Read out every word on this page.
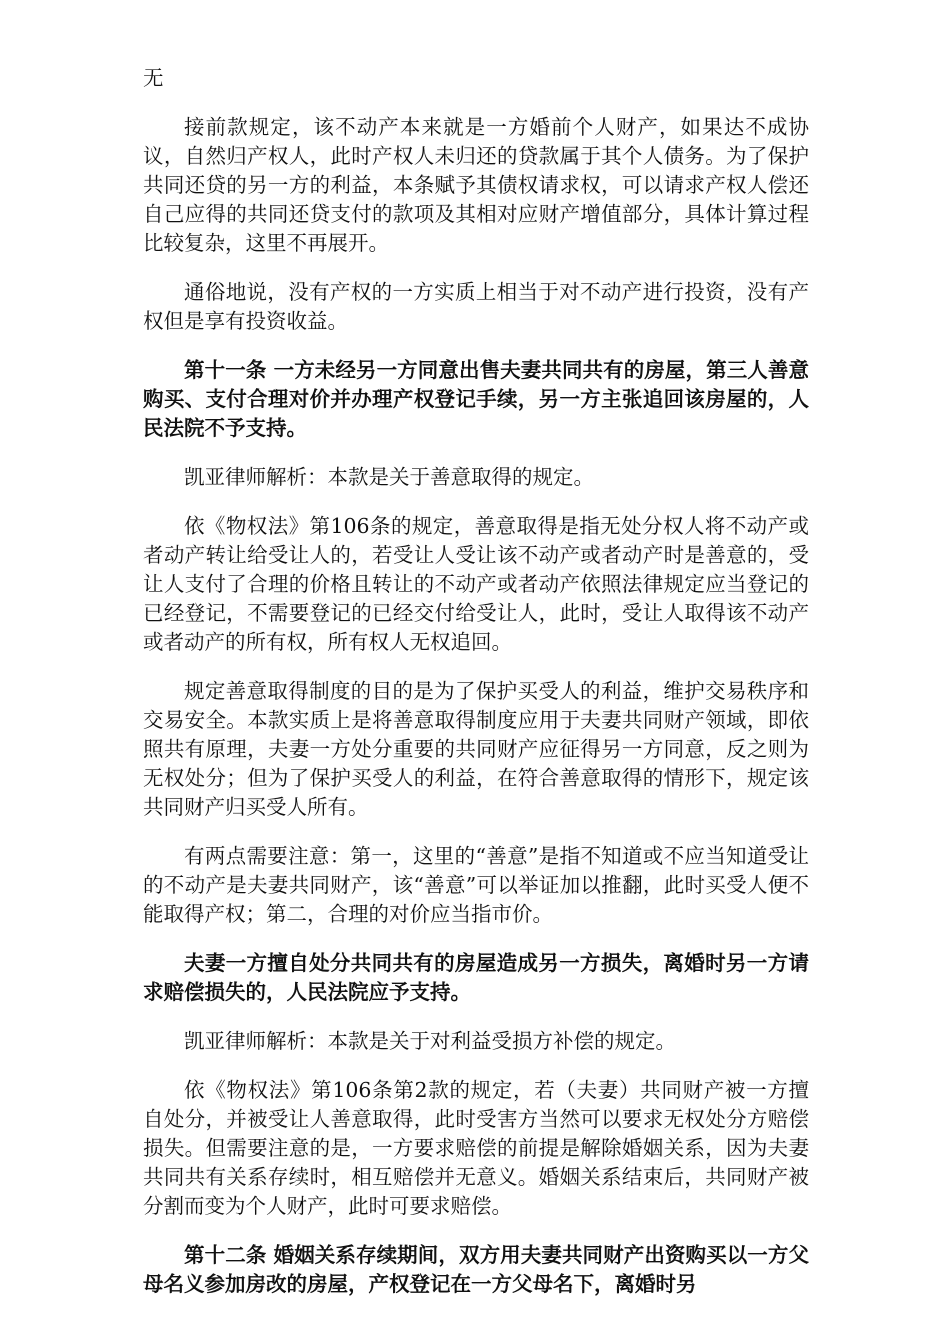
无

接前款规定，该不动产本来就是一方婚前个人财产，如果达不成协议，自然归产权人，此时产权人未归还的贷款属于其个人债务。为了保护共同还贷的另一方的利益，本条赋予其债权请求权，可以请求产权人偿还自己应得的共同还贷支付的款项及其相对应财产增值部分，具体计算过程比较复杂，这里不再展开。

通俗地说，没有产权的一方实质上相当于对不动产进行投资，没有产权但是享有投资收益。

第十一条 一方未经另一方同意出售夫妻共同共有的房屋，第三人善意购买、支付合理对价并办理产权登记手续，另一方主张追回该房屋的，人民法院不予支持。

凯亚律师解析：本款是关于善意取得的规定。

依《物权法》第106条的规定，善意取得是指无处分权人将不动产或者动产转让给受让人的，若受让人受让该不动产或者动产时是善意的，受让人支付了合理的价格且转让的不动产或者动产依照法律规定应当登记的已经登记，不需要登记的已经交付给受让人，此时，受让人取得该不动产或者动产的所有权，所有权人无权追回。

规定善意取得制度的目的是为了保护买受人的利益，维护交易秩序和交易安全。本款实质上是将善意取得制度应用于夫妻共同财产领域，即依照共有原理，夫妻一方处分重要的共同财产应征得另一方同意，反之则为无权处分；但为了保护买受人的利益，在符合善意取得的情形下，规定该共同财产归买受人所有。

有两点需要注意：第一，这里的“善意”是指不知道或不应当知道受让的不动产是夫妻共同财产，该“善意”可以举证加以推翻，此时买受人便不能取得产权；第二，合理的对价应当指市价。

夫妻一方擅自处分共同共有的房屋造成另一方损失，离婚时另一方请求赔偿损失的，人民法院应予支持。

凯亚律师解析：本款是关于对利益受损方补偿的规定。

依《物权法》第106条第2款的规定，若（夫妻）共同财产被一方擅自处分，并被受让人善意取得，此时受害方当然可以要求无权处分方赔偿损失。但需要注意的是，一方要求赔偿的前提是解除婚姻关系，因为夫妻共同共有关系存续时，相互赔偿并无意义。婚姻关系结束后，共同财产被分割而变为个人财产，此时可要求赔偿。

第十二条 婚姻关系存续期间，双方用夫妻共同财产出资购买以一方父母名义参加房改的房屋，产权登记在一方父母名下，离婚时另
